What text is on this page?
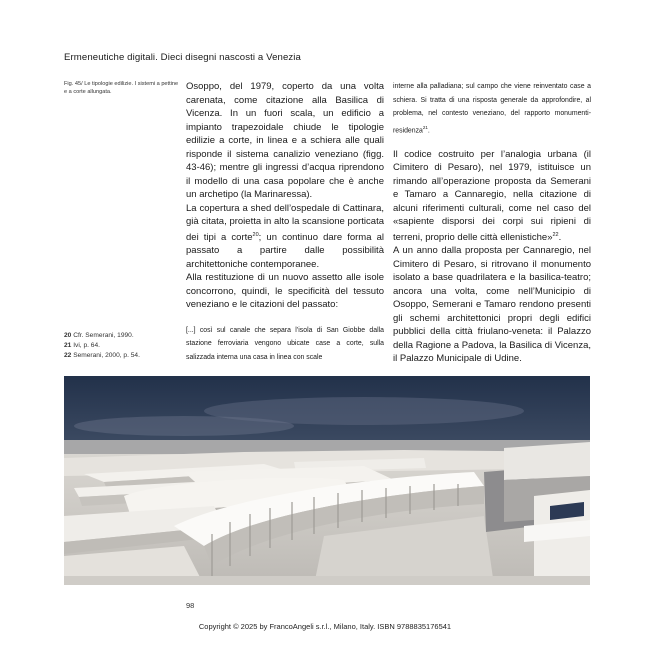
Ermeneutiche digitali. Dieci disegni nascosti a Venezia
Fig. 45/ Le tipologie edilizie. I sistemi a pettine e a corte allungata.	Osoppo, del 1979, coperto da una volta carenata, come citazione alla Basilica di Vicenza. In un fuori scala, un edificio a impianto trapezoidale chiude le tipologie edilizie a corte, in linea e a schiera alle quali risponde il sistema canalizio veneziano (figg. 43-46); mentre gli ingressi d’acqua riprendono il modello di una casa popolare che è anche un archetipo (la Marinaressa).

La copertura a shed dell’ospedale di Cattinara, già citata, proietta in alto la scansione porticata dei tipi a corte$^{20}$; un continuo dare forma al passato a partire dalle possibilità architettoniche contemporanee.

Alla restituzione di un nuovo assetto alle isole concorrono, quindi, le specificità del tessuto veneziano e le citazioni del passato:

[...] così sul canale che separa l’isola di San Giobbe dalla stazione ferroviaria vengono ubicate case a corte, sulla salizzada interna una casa in linea con scale

interne alla palladiana; sul campo che viene reinventato case a schiera. Si tratta di una risposta generale da approfondire, al problema, nel contesto veneziano, del rapporto monumenti-residenza$^{21}$.

Il codice costruito per l’analogia urbana (il Cimitero di Pesaro), nel 1979, istituisce un rimando all’operazione proposta da Semerani e Tamaro a Cannaregio, nella citazione di alcuni riferimenti culturali, come nel caso del «sapiente disporsi dei corpi sui ripieni di terreni, proprio delle città ellenistiche»$^{22}$.

A un anno dalla proposta per Cannaregio, nel Cimitero di Pesaro, si ritrovano il monumento isolato a base quadrilatera e la basilica-teatro; ancora una volta, come nell’Municipio di Osoppo, Semerani e Tamaro rendono presenti gli schemi architettonici propri degli edifici pubblici della città friulano-veneta: il Palazzo della Ragione a Padova, la Basilica di Vicenza, il Palazzo Municipale di Udine.

20 Cfr. Semerani, 1990.
21 Ivi, p. 64.
22 Semerani, 2000, p. 54.
98
Copyright © 2025 by FrancoAngeli s.r.l., Milano, Italy. ISBN 9788835176541
